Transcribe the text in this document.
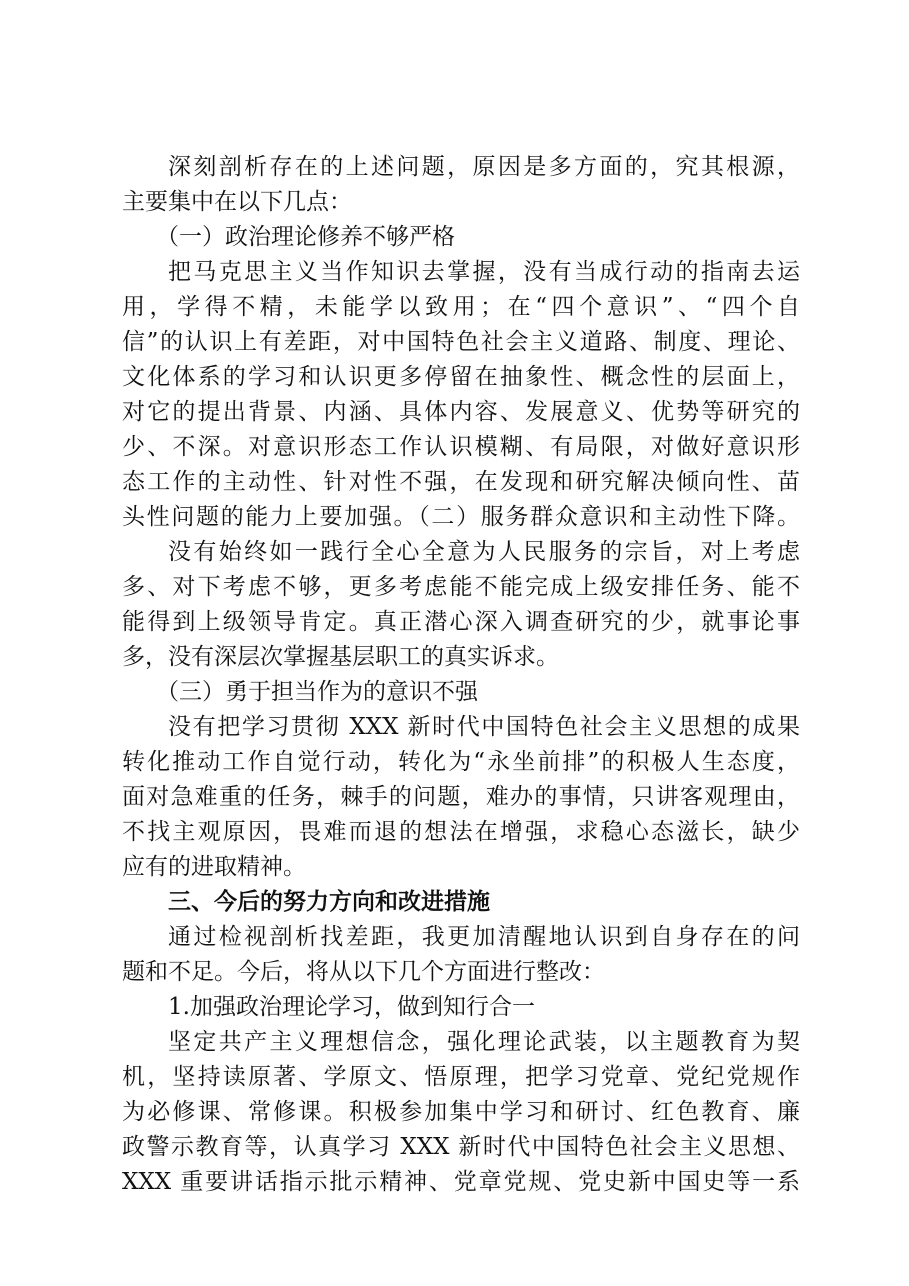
深刻剖析存在的上述问题，原因是多方面的，究其根源，
主要集中在以下几点：
（一）政治理论修养不够严格
把马克思主义当作知识去掌握，没有当成行动的指南去运
用，学得不精，未能学以致用；在“四个意识”、“四个自
信”的认识上有差距，对中国特色社会主义道路、制度、理论、
文化体系的学习和认识更多停留在抽象性、概念性的层面上，
对它的提出背景、内涵、具体内容、发展意义、优势等研究的
少、不深。对意识形态工作认识模糊、有局限，对做好意识形
态工作的主动性、针对性不强，在发现和研究解决倾向性、苗
头性问题的能力上要加强。（二）服务群众意识和主动性下降。
没有始终如一践行全心全意为人民服务的宗旨，对上考虑
多、对下考虑不够，更多考虑能不能完成上级安排任务、能不
能得到上级领导肯定。真正潜心深入调查研究的少，就事论事
多，没有深层次掌握基层职工的真实诉求。
（三）勇于担当作为的意识不强
没有把学习贯彻 XXX 新时代中国特色社会主义思想的成果
转化推动工作自觉行动，转化为“永坐前排”的积极人生态度，
面对急难重的任务，棘手的问题，难办的事情，只讲客观理由，
不找主观原因，畏难而退的想法在增强，求稳心态滋长，缺少
应有的进取精神。
三、今后的努力方向和改进措施
通过检视剖析找差距，我更加清醒地认识到自身存在的问
题和不足。今后，将从以下几个方面进行整改：
1.加强政治理论学习，做到知行合一
坚定共产主义理想信念，强化理论武装，以主题教育为契
机，坚持读原著、学原文、悟原理，把学习党章、党纪党规作
为必修课、常修课。积极参加集中学习和研讨、红色教育、廉
政警示教育等，认真学习 XXX 新时代中国特色社会主义思想、
XXX 重要讲话指示批示精神、党章党规、党史新中国史等一系
